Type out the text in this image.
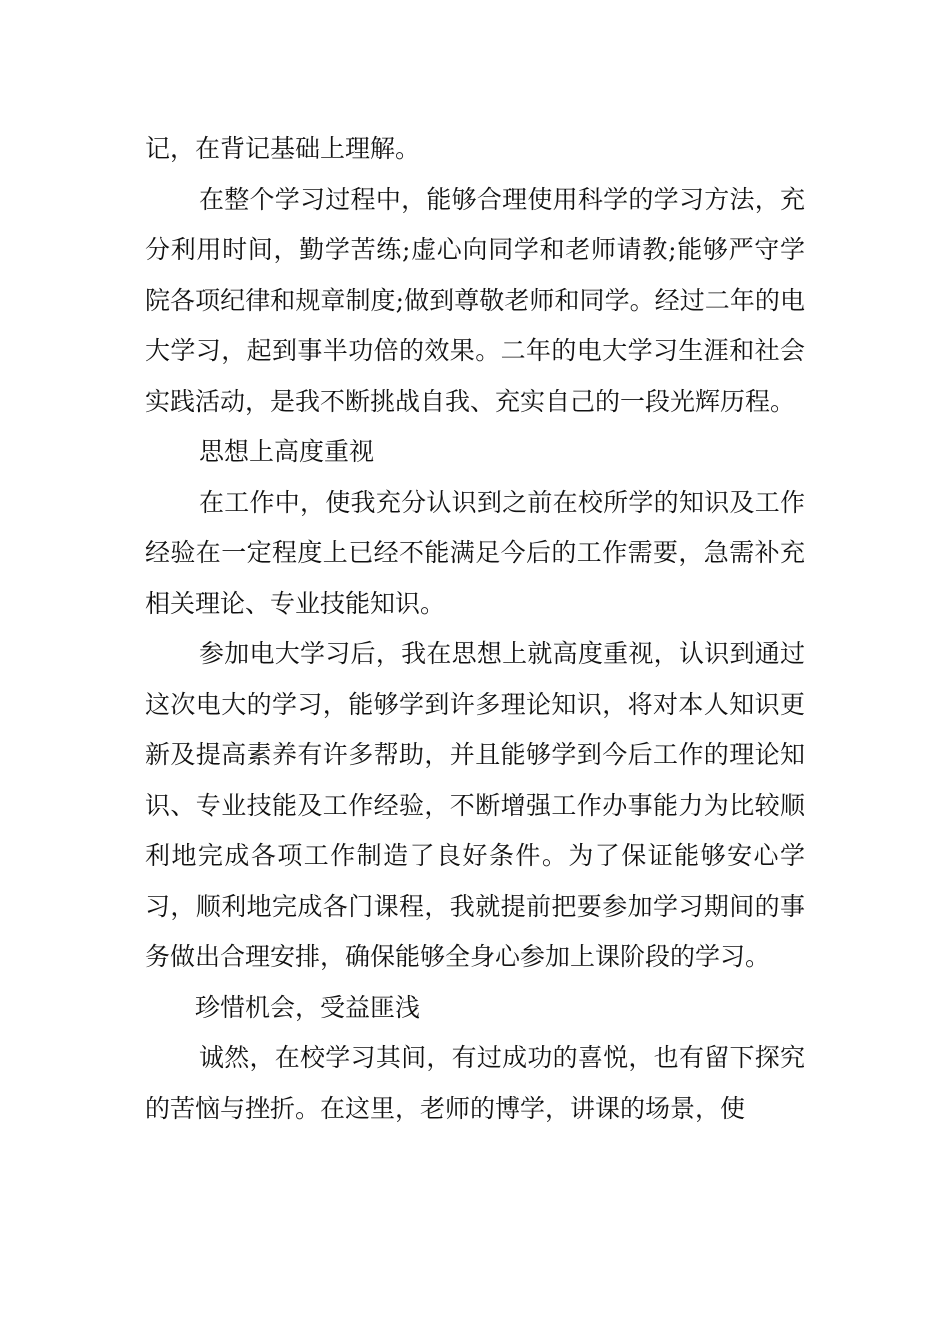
记，在背记基础上理解。

在整个学习过程中，能够合理使用科学的学习方法，充分利用时间，勤学苦练;虚心向同学和老师请教;能够严守学院各项纪律和规章制度;做到尊敬老师和同学。经过二年的电大学习，起到事半功倍的效果。二年的电大学习生涯和社会实践活动，是我不断挑战自我、充实自己的一段光辉历程。

思想上高度重视

在工作中，使我充分认识到之前在校所学的知识及工作经验在一定程度上已经不能满足今后的工作需要，急需补充相关理论、专业技能知识。

参加电大学习后，我在思想上就高度重视，认识到通过这次电大的学习，能够学到许多理论知识，将对本人知识更新及提高素养有许多帮助，并且能够学到今后工作的理论知识、专业技能及工作经验，不断增强工作办事能力为比较顺利地完成各项工作制造了良好条件。为了保证能够安心学习，顺利地完成各门课程，我就提前把要参加学习期间的事务做出合理安排，确保能够全身心参加上课阶段的学习。

珍惜机会，受益匪浅

诚然，在校学习其间，有过成功的喜悦，也有留下探究的苦恼与挫折。在这里，老师的博学，讲课的场景，使
